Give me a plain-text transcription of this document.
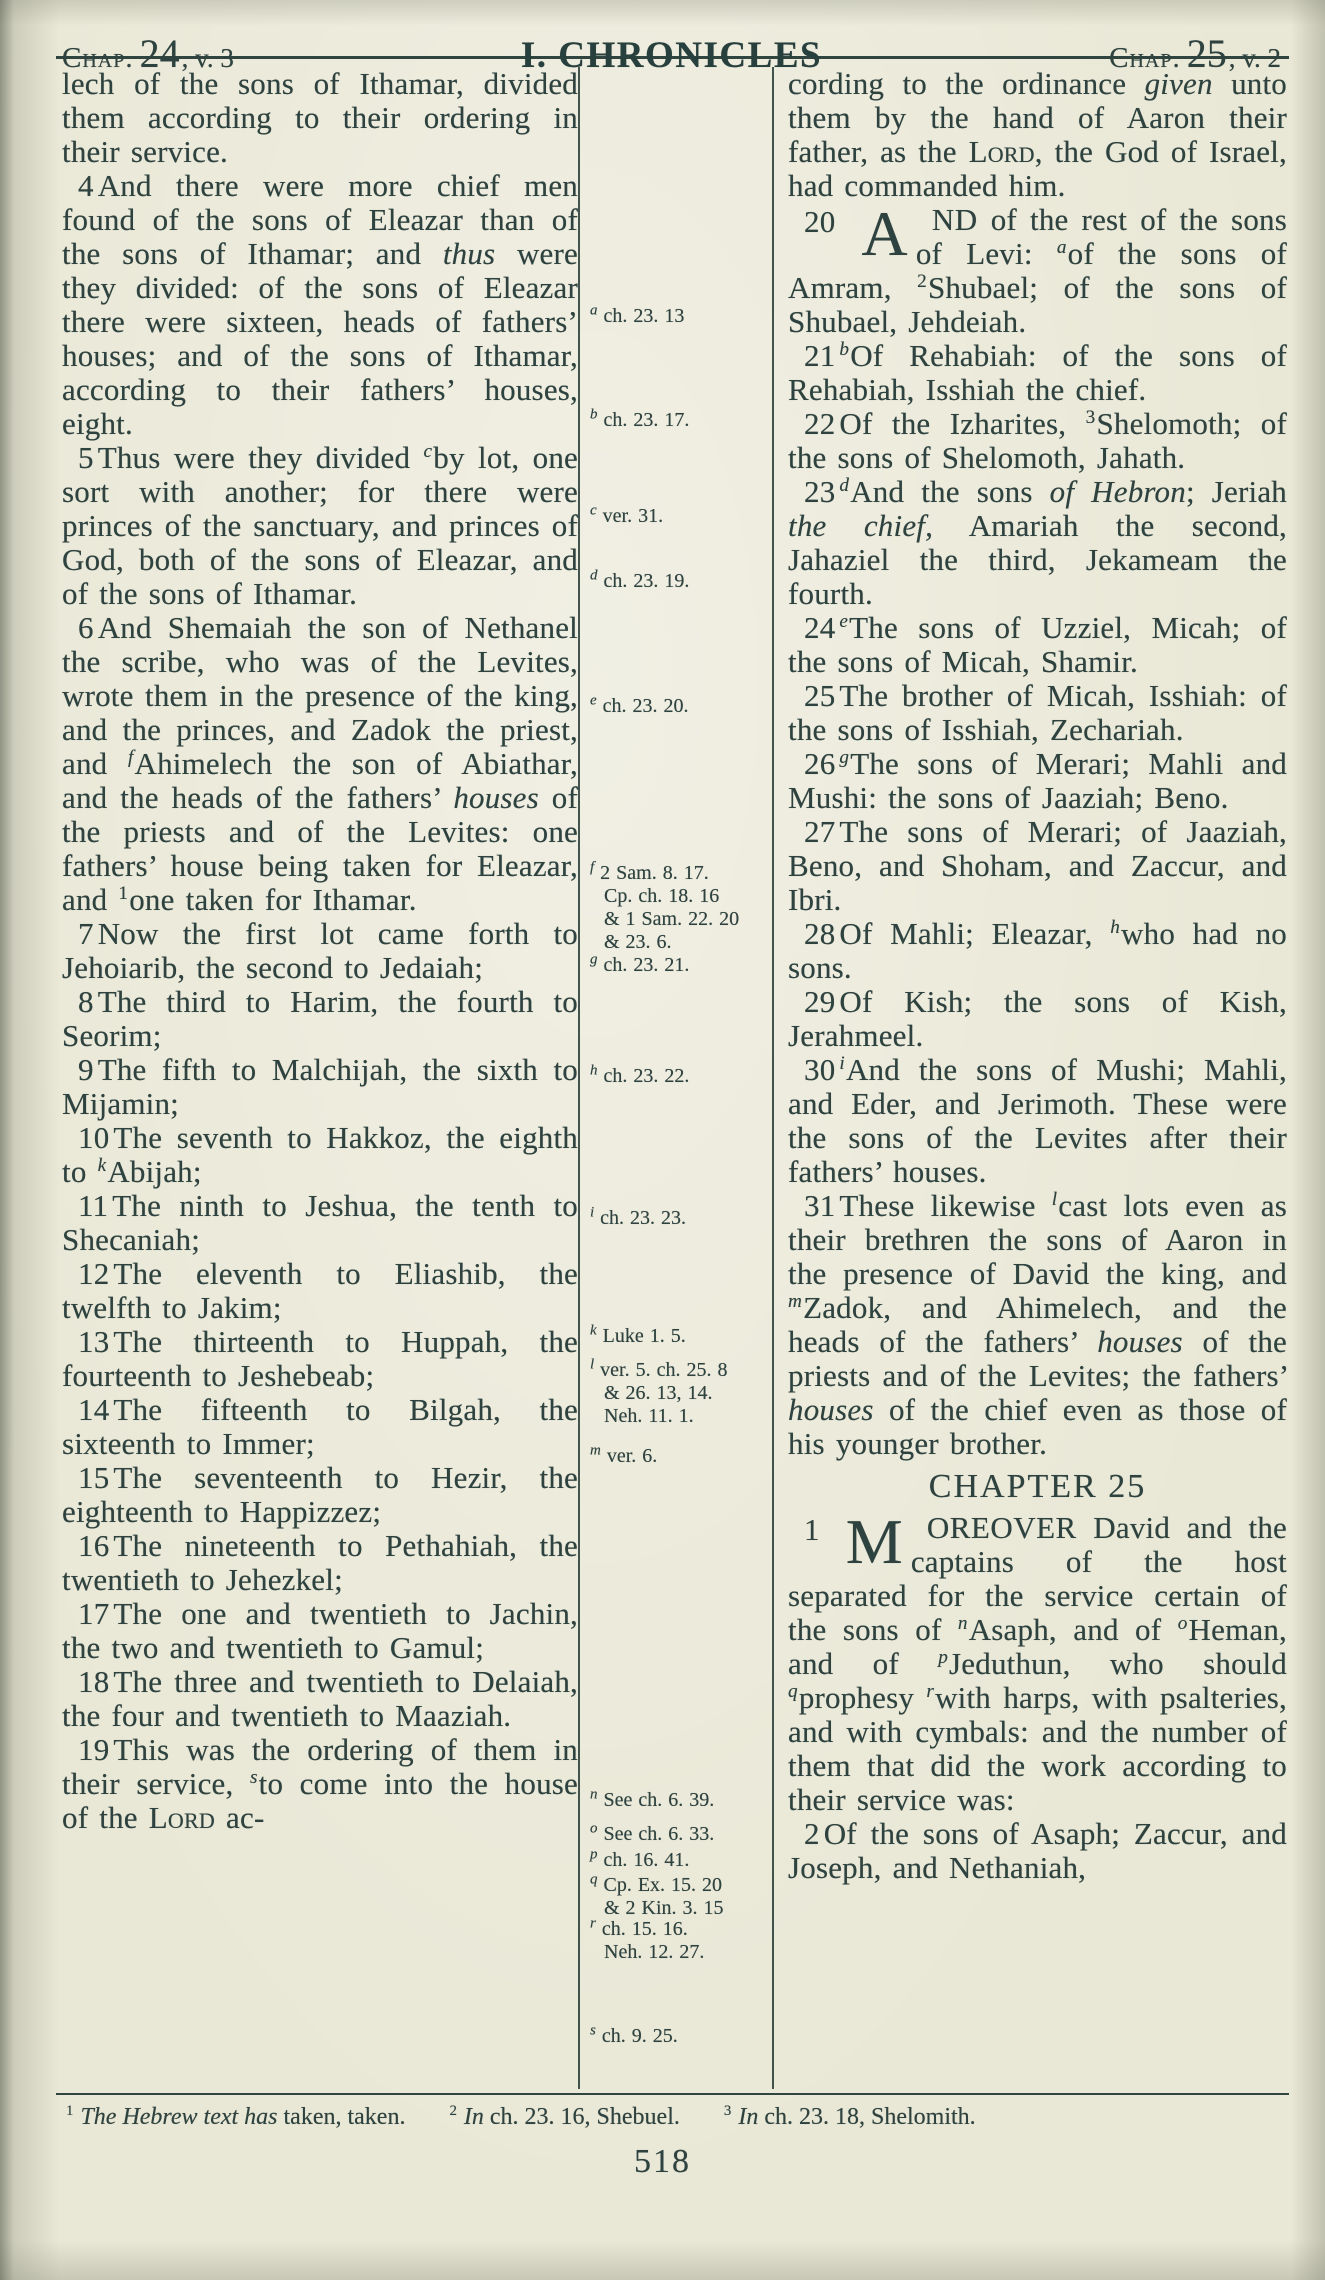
Chap. 24, v. 3	I. CHRONICLES	Chap. 25, v. 2

lech of the sons of Ithamar, divided them according to their ordering in their service.

4 And there were more chief men found of the sons of Eleazar than of the sons of Ithamar; and thus were they divided: of the sons of Eleazar there were sixteen, heads of fathers’ houses; and of the sons of Ithamar, according to their fathers’ houses, eight.

5 Thus were they divided $^c$by lot, one sort with another; for there were princes of the sanctuary, and princes of God, both of the sons of Eleazar, and of the sons of Ithamar.

6 And Shemaiah the son of Nethanel the scribe, who was of the Levites, wrote them in the presence of the king, and the princes, and Zadok the priest, and $^f$Ahimelech the son of Abiathar, and the heads of the fathers’ houses of the priests and of the Levites: one fathers’ house being taken for Eleazar, and $^1$one taken for Ithamar.

7 Now the first lot came forth to Jehoiarib, the second to Jedaiah;

8 The third to Harim, the fourth to Seorim;

9 The fifth to Malchijah, the sixth to Mijamin;

10 The seventh to Hakkoz, the eighth to $^k$Abijah;

11 The ninth to Jeshua, the tenth to Shecaniah;

12 The eleventh to Eliashib, the twelfth to Jakim;

13 The thirteenth to Huppah, the fourteenth to Jeshebeab;

14 The fifteenth to Bilgah, the sixteenth to Immer;

15 The seventeenth to Hezir, the eighteenth to Happizzez;

16 The nineteenth to Pethahiah, the twentieth to Jehezkel;

17 The one and twentieth to Jachin, the two and twentieth to Gamul;

18 The three and twentieth to Delaiah, the four and twentieth to Maaziah.

19 This was the ordering of them in their service, $^s$to come into the house of the Lord ac-

$^a$ ch. 23. 13
$^b$ ch. 23. 17.
$^c$ ver. 31.
$^d$ ch. 23. 19.
$^e$ ch. 23. 20.
$^f$ 2 Sam. 8. 17.
Cp. ch. 18. 16
& 1 Sam. 22. 20
& 23. 6.
$^g$ ch. 23. 21.
$^h$ ch. 23. 22.
$^i$ ch. 23. 23.
$^k$ Luke 1. 5.
$^l$ ver. 5. ch. 25. 8
& 26. 13, 14.
Neh. 11. 1.
$^m$ ver. 6.
$^n$ See ch. 6. 39.
$^o$ See ch. 6. 33.
$^p$ ch. 16. 41.
$^q$ Cp. Ex. 15. 20
& 2 Kin. 3. 15
$^r$ ch. 15. 16.
Neh. 12. 27.
$^s$ ch. 9. 25.

cording to the ordinance given unto them by the hand of Aaron their father, as the Lord, the God of Israel, had commanded him.

20 A ND of the rest of the sons of Levi: $^a$of the sons of Amram, $^2$Shubael; of the sons of Shubael, Jehdeiah.

21 $^b$Of Rehabiah: of the sons of Rehabiah, Isshiah the chief.

22 Of the Izharites, $^3$Shelomoth; of the sons of Shelomoth, Jahath.

23 $^d$And the sons of Hebron; Jeriah the chief, Amariah the second, Jahaziel the third, Jekameam the fourth.

24 $^e$The sons of Uzziel, Micah; of the sons of Micah, Shamir.

25 The brother of Micah, Isshiah: of the sons of Isshiah, Zechariah.

26 $^g$The sons of Merari; Mahli and Mushi: the sons of Jaaziah; Beno.

27 The sons of Merari; of Jaaziah, Beno, and Shoham, and Zaccur, and Ibri.

28 Of Mahli; Eleazar, $^h$who had no sons.

29 Of Kish; the sons of Kish, Jerahmeel.

30 $^i$And the sons of Mushi; Mahli, and Eder, and Jerimoth. These were the sons of the Levites after their fathers’ houses.

31 These likewise $^l$cast lots even as their brethren the sons of Aaron in the presence of David the king, and $^m$Zadok, and Ahimelech, and the heads of the fathers’ houses of the priests and of the Levites; the fathers’ houses of the chief even as those of his younger brother.

CHAPTER 25

1 M OREOVER David and the captains of the host separated for the service certain of the sons of $^n$Asaph, and of $^o$Heman, and of $^p$Jeduthun, who should $^q$prophesy $^r$with harps, with psalteries, and with cymbals: and the number of them that did the work according to their service was:

2 Of the sons of Asaph; Zaccur, and Joseph, and Nethaniah,

$^1$ The Hebrew text has taken, taken.	$^2$ In ch. 23. 16, Shebuel.	$^3$ In ch. 23. 18, Shelomith.
518
